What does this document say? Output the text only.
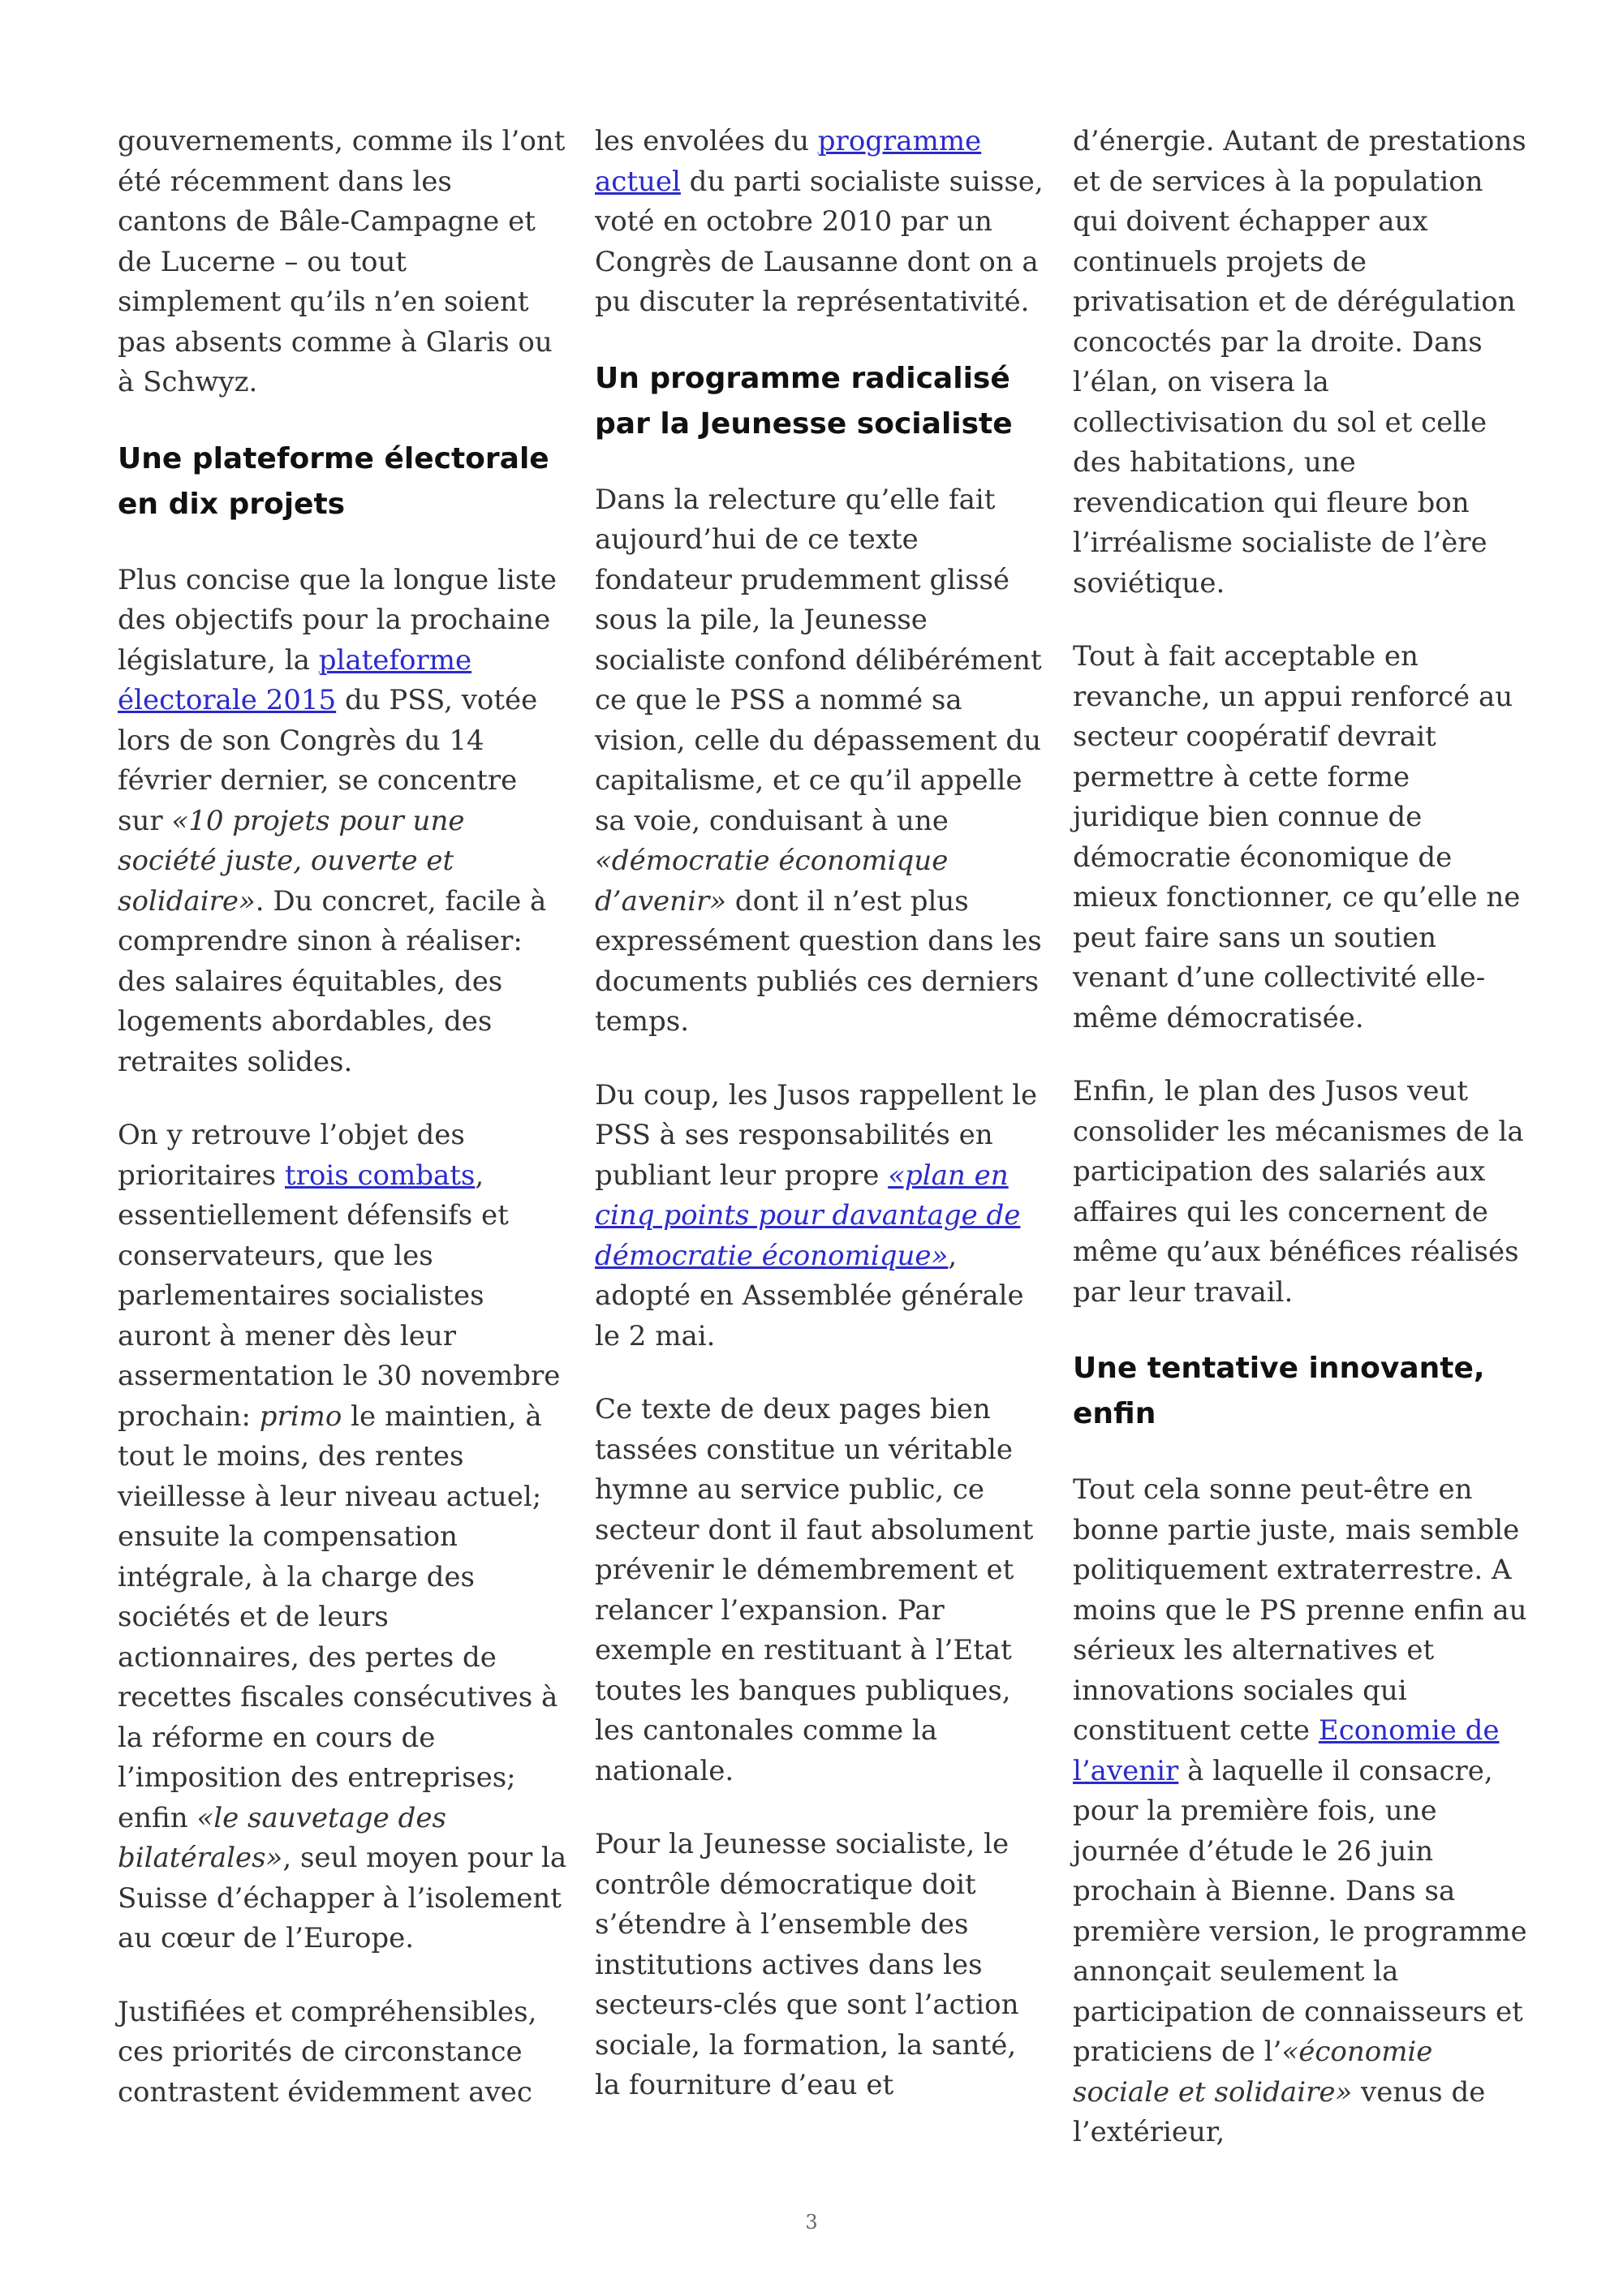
gouvernements, comme ils l’ont été récemment dans les cantons de Bâle-Campagne et de Lucerne – ou tout simplement qu’ils n’en soient pas absents comme à Glaris ou à Schwyz.

Une plateforme électorale en dix projets

Plus concise que la longue liste des objectifs pour la prochaine législature, la plateforme électorale 2015 du PSS, votée lors de son Congrès du 14 février dernier, se concentre sur «10 projets pour une société juste, ouverte et solidaire». Du concret, facile à comprendre sinon à réaliser: des salaires équitables, des logements abordables, des retraites solides.

On y retrouve l’objet des prioritaires trois combats, essentiellement défensifs et conservateurs, que les parlementaires socialistes auront à mener dès leur assermentation le 30 novembre prochain: primo le maintien, à tout le moins, des rentes vieillesse à leur niveau actuel; ensuite la compensation intégrale, à la charge des sociétés et de leurs actionnaires, des pertes de recettes fiscales consécutives à la réforme en cours de l’imposition des entreprises; enfin «le sauvetage des bilatérales», seul moyen pour la Suisse d’échapper à l’isolement au cœur de l’Europe.

Justifiées et compréhensibles, ces priorités de circonstance contrastent évidemment avec

les envolées du programme actuel du parti socialiste suisse, voté en octobre 2010 par un Congrès de Lausanne dont on a pu discuter la représentativité.

Un programme radicalisé par la Jeunesse socialiste

Dans la relecture qu’elle fait aujourd’hui de ce texte fondateur prudemment glissé sous la pile, la Jeunesse socialiste confond délibérément ce que le PSS a nommé sa vision, celle du dépassement du capitalisme, et ce qu’il appelle sa voie, conduisant à une «démocratie économique d’avenir» dont il n’est plus expressément question dans les documents publiés ces derniers temps.

Du coup, les Jusos rappellent le PSS à ses responsabilités en publiant leur propre «plan en cinq points pour davantage de démocratie économique», adopté en Assemblée générale le 2 mai.

Ce texte de deux pages bien tassées constitue un véritable hymne au service public, ce secteur dont il faut absolument prévenir le démembrement et relancer l’expansion. Par exemple en restituant à l’Etat toutes les banques publiques, les cantonales comme la nationale.

Pour la Jeunesse socialiste, le contrôle démocratique doit s’étendre à l’ensemble des institutions actives dans les secteurs-clés que sont l’action sociale, la formation, la santé, la fourniture d’eau et

d’énergie. Autant de prestations et de services à la population qui doivent échapper aux continuels projets de privatisation et de dérégulation concoctés par la droite. Dans l’élan, on visera la collectivisation du sol et celle des habitations, une revendication qui fleure bon l’irréalisme socialiste de l’ère soviétique.

Tout à fait acceptable en revanche, un appui renforcé au secteur coopératif devrait permettre à cette forme juridique bien connue de démocratie économique de mieux fonctionner, ce qu’elle ne peut faire sans un soutien venant d’une collectivité elle-même démocratisée.

Enfin, le plan des Jusos veut consolider les mécanismes de la participation des salariés aux affaires qui les concernent de même qu’aux bénéfices réalisés par leur travail.

Une tentative innovante, enfin

Tout cela sonne peut-être en bonne partie juste, mais semble politiquement extraterrestre. A moins que le PS prenne enfin au sérieux les alternatives et innovations sociales qui constituent cette Economie de l’avenir à laquelle il consacre, pour la première fois, une journée d’étude le 26 juin prochain à Bienne. Dans sa première version, le programme annonçait seulement la participation de connaisseurs et praticiens de l’«économie sociale et solidaire» venus de l’extérieur,

3
